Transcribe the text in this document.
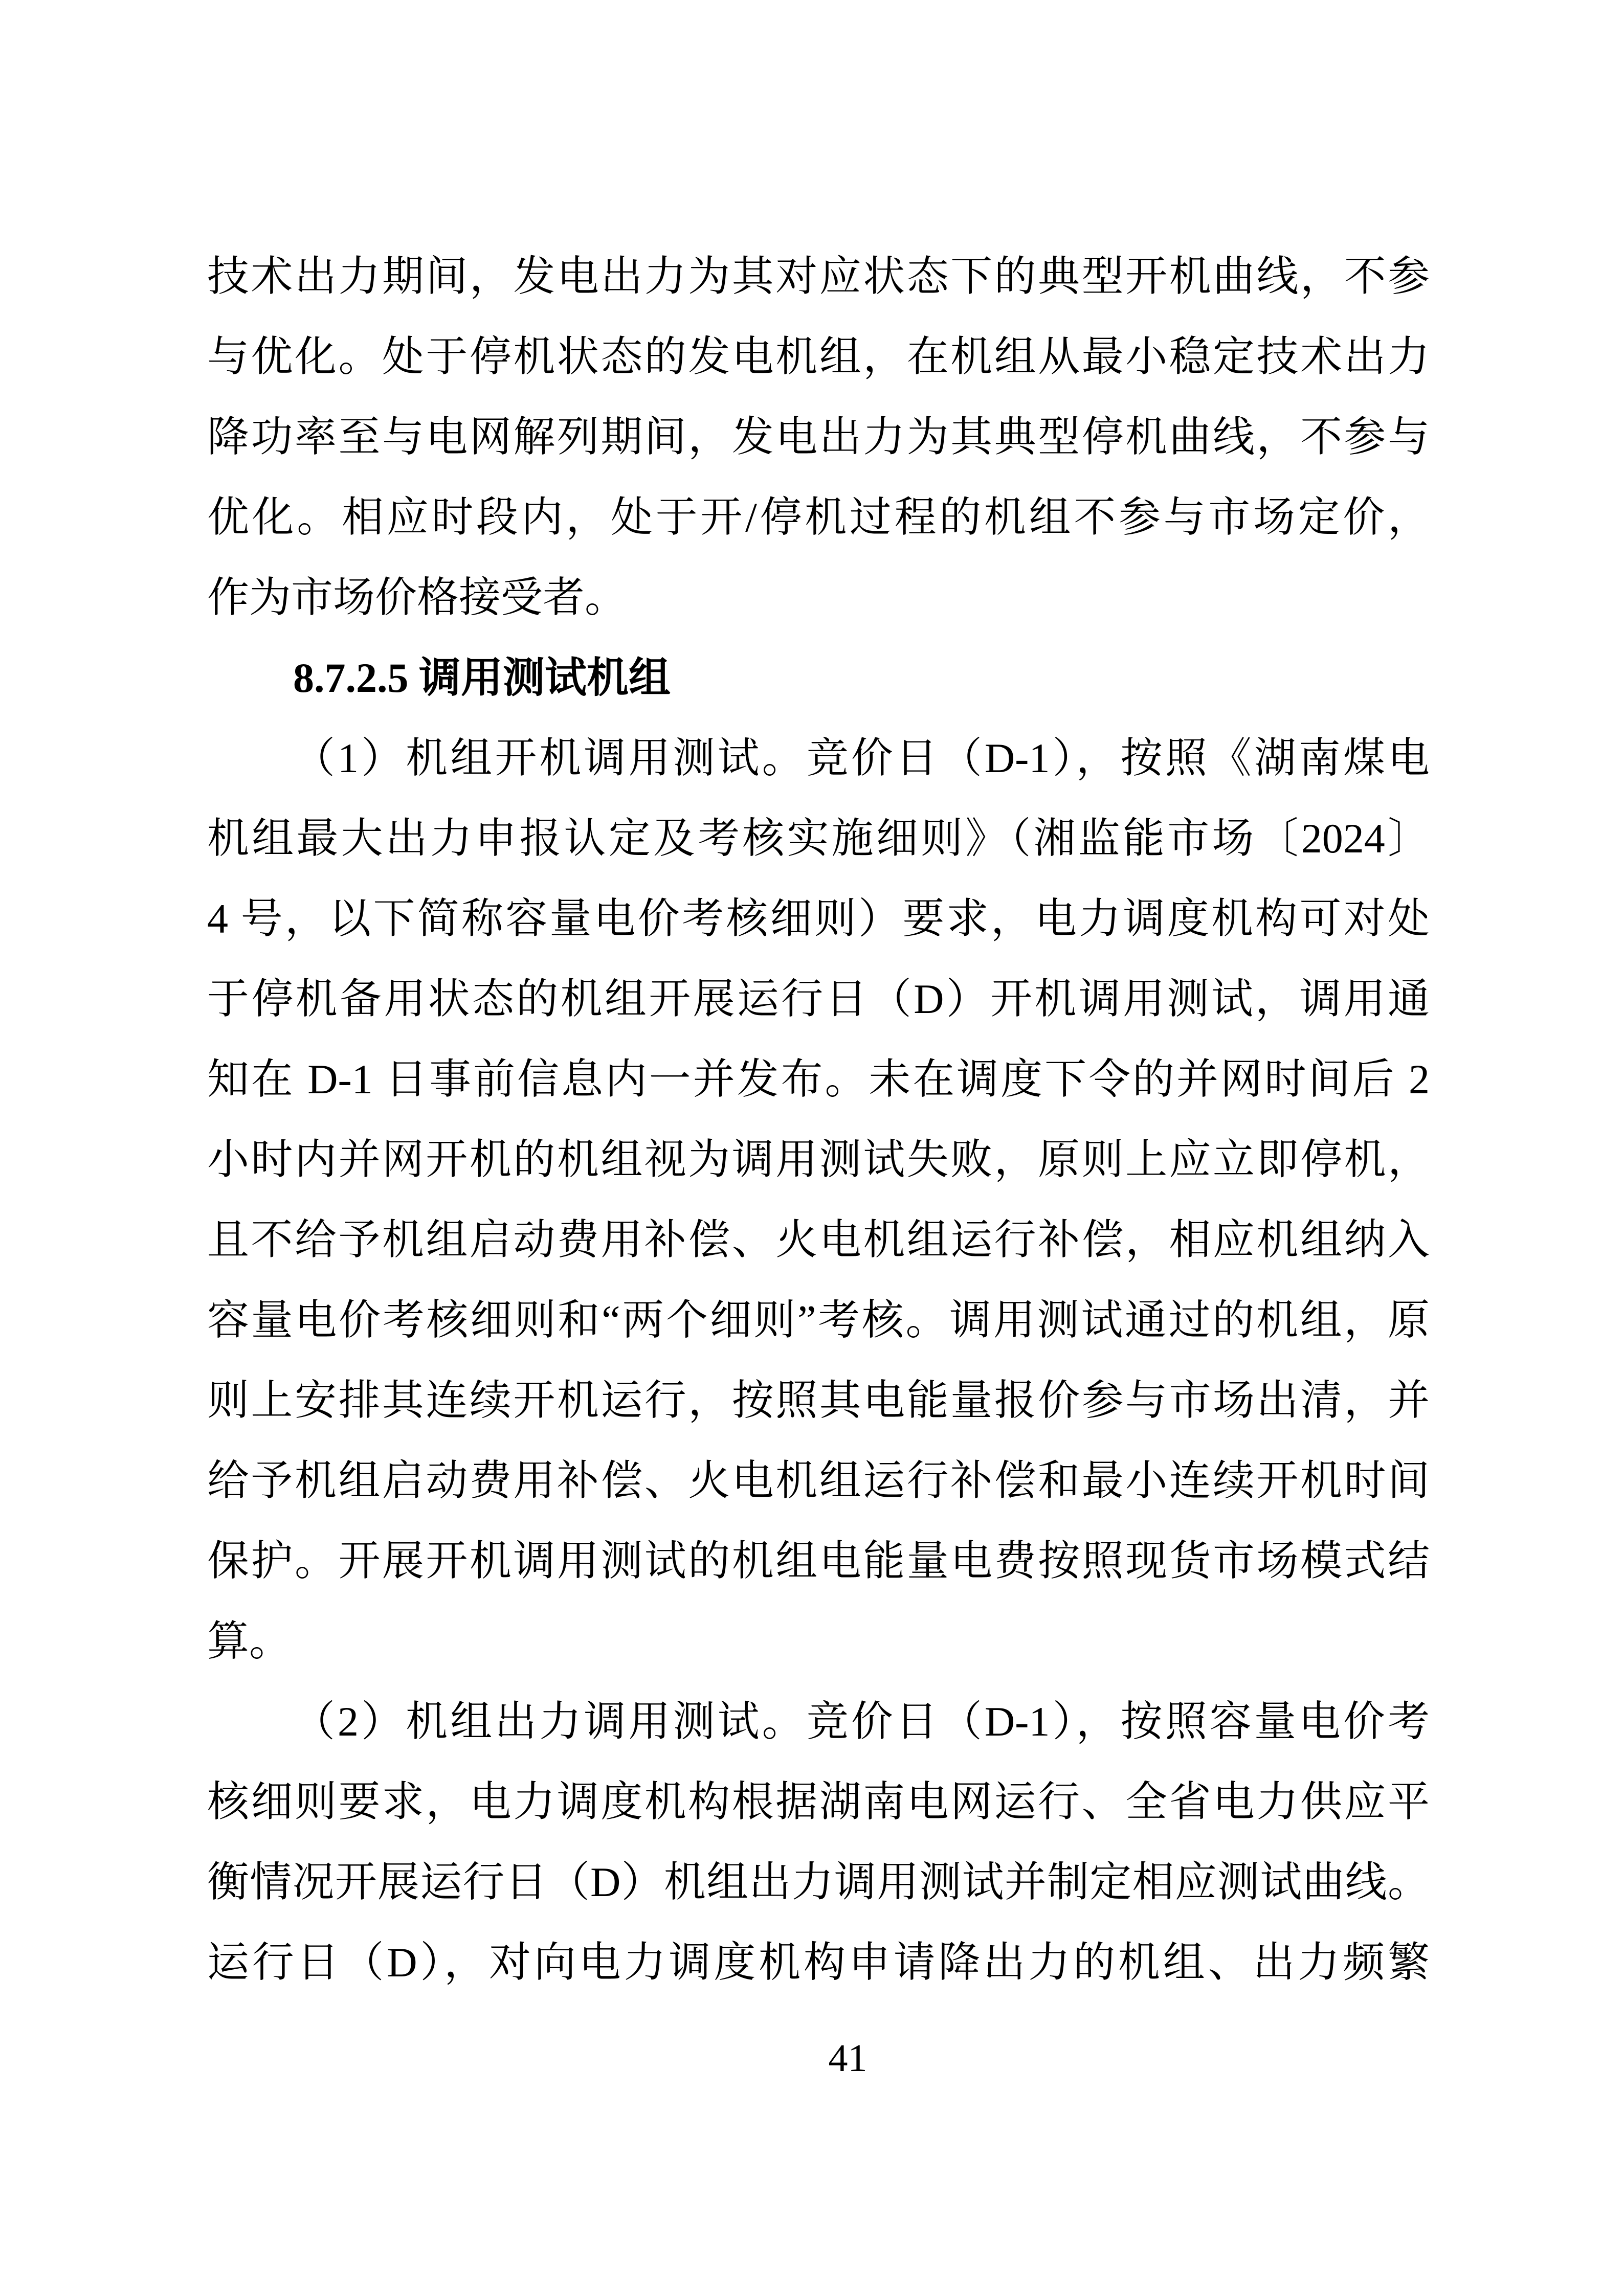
技术出力期间，发电出力为其对应状态下的典型开机曲线，不参
与优化。处于停机状态的发电机组，在机组从最小稳定技术出力
降功率至与电网解列期间，发电出力为其典型停机曲线，不参与
优化。相应时段内，处于开/停机过程的机组不参与市场定价，
作为市场价格接受者。
8.7.2.5 调用测试机组
（1）机组开机调用测试。竞价日（D-1），按照《湖南煤电
机组最大出力申报认定及考核实施细则》（湘监能市场〔2024〕
4 号，以下简称容量电价考核细则）要求，电力调度机构可对处
于停机备用状态的机组开展运行日（D）开机调用测试，调用通
知在 D-1 日事前信息内一并发布。未在调度下令的并网时间后 2
小时内并网开机的机组视为调用测试失败，原则上应立即停机，
且不给予机组启动费用补偿、火电机组运行补偿，相应机组纳入
容量电价考核细则和“两个细则”考核。调用测试通过的机组，原
则上安排其连续开机运行，按照其电能量报价参与市场出清，并
给予机组启动费用补偿、火电机组运行补偿和最小连续开机时间
保护。开展开机调用测试的机组电能量电费按照现货市场模式结
算。
（2）机组出力调用测试。竞价日（D-1），按照容量电价考
核细则要求，电力调度机构根据湖南电网运行、全省电力供应平
衡情况开展运行日（D）机组出力调用测试并制定相应测试曲线。
运行日（D），对向电力调度机构申请降出力的机组、出力频繁
41
